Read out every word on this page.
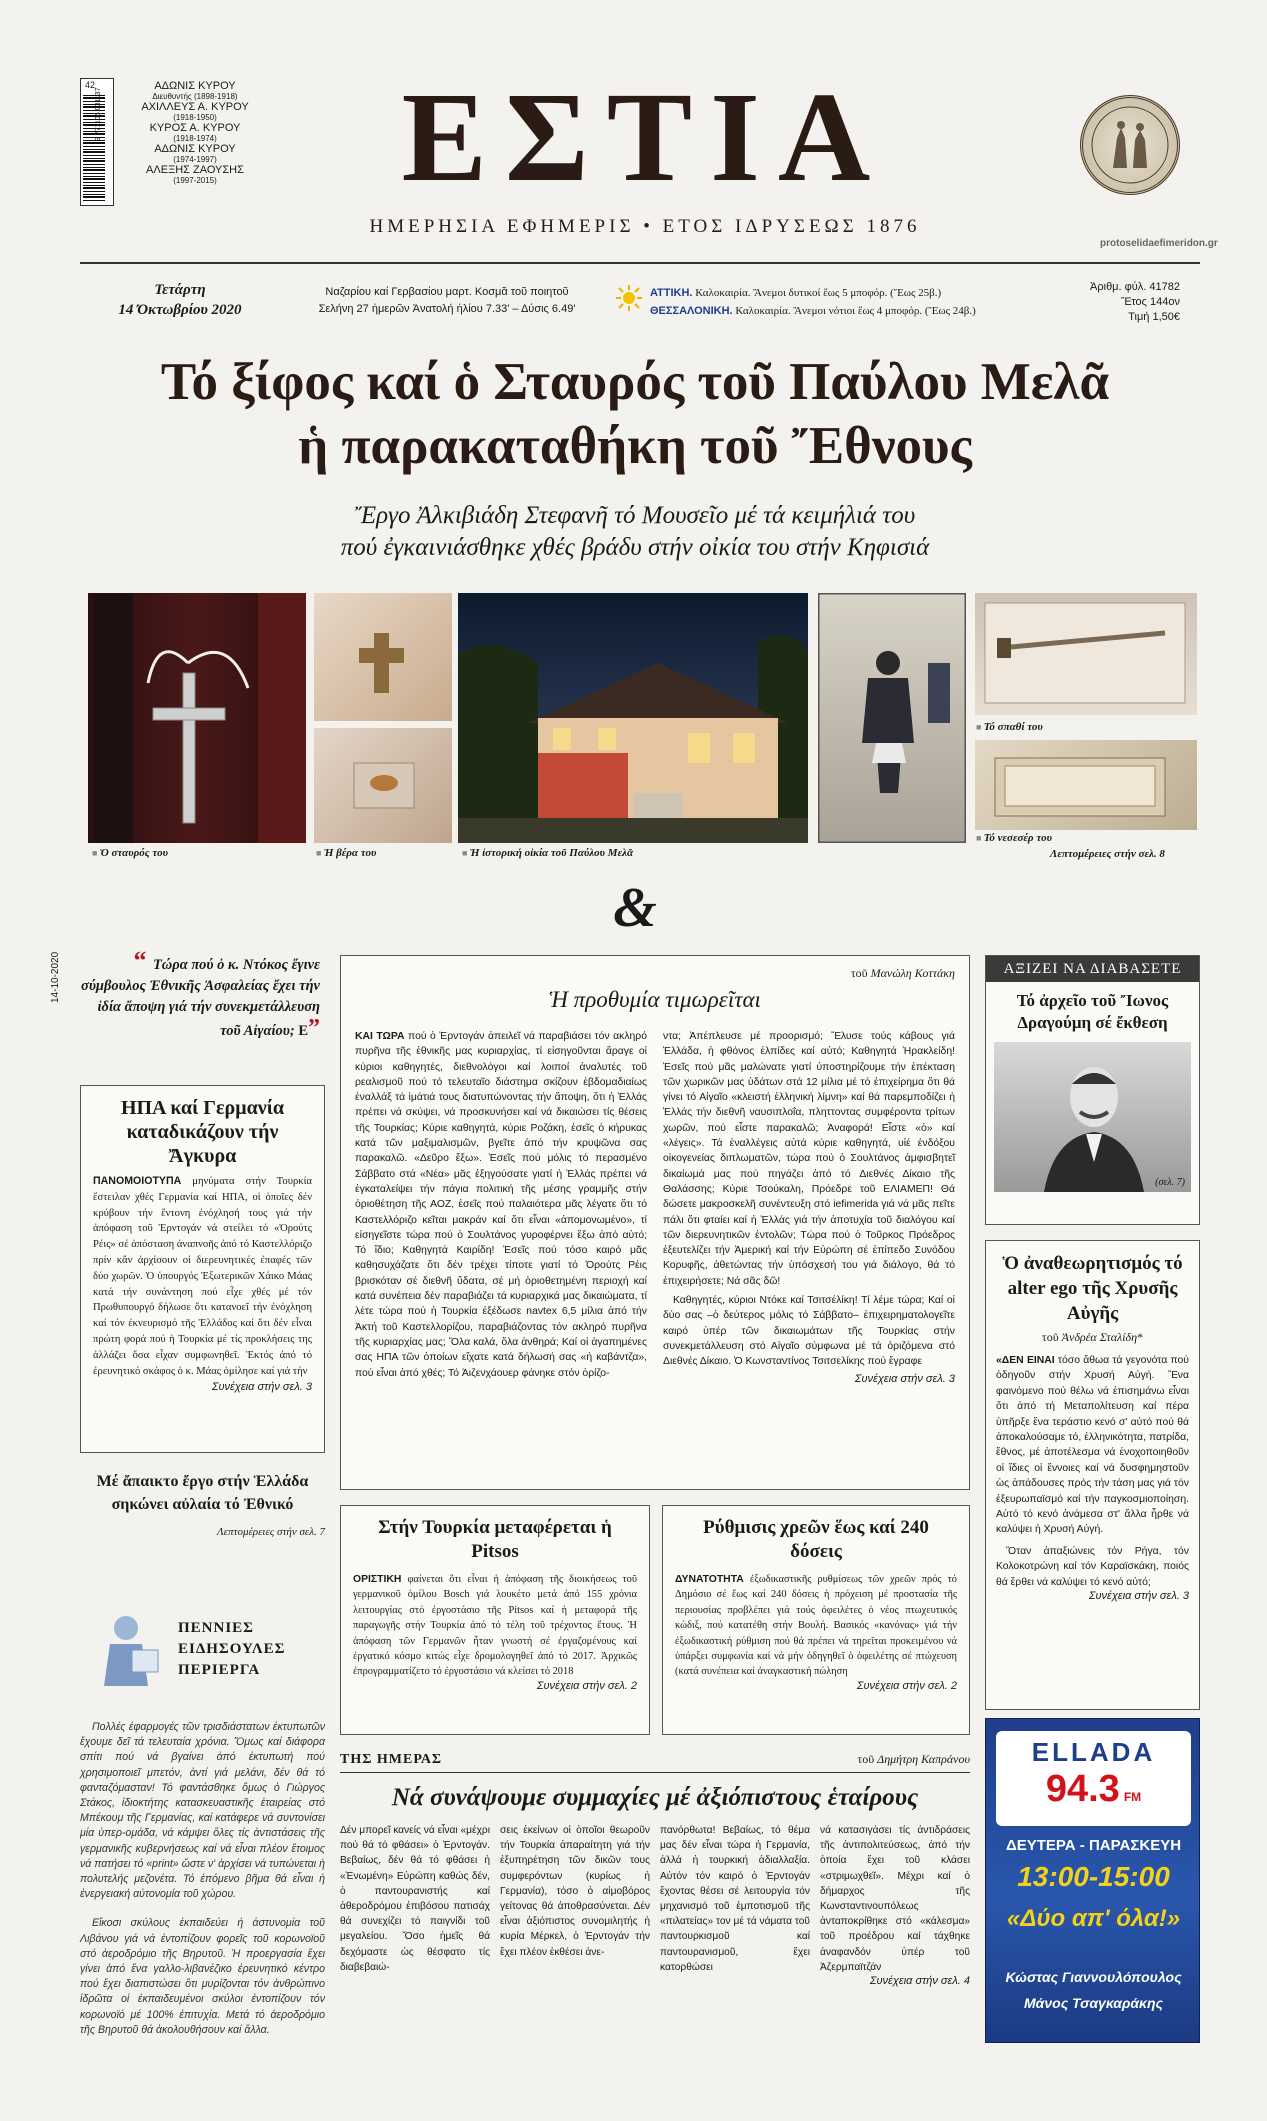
ΑΔΩΝΙΣ ΚΥΡΟΥ
Διευθυντής (1898-1918)
ΑΧΙΛΛΕΥΣ Α. ΚΥΡΟΥ
(1918-1950)
ΚΥΡΟΣ Α. ΚΥΡΟΥ
(1918-1974)
ΑΔΩΝΙΣ ΚΥΡΟΥ
(1974-1997)
ΑΛΕΞΗΣ ΖΑΟΥΣΗΣ
(1997-2015)
42
9 771106 031137	ΕΣΤΙΑ
ΗΜΕΡΗΣΙΑ ΕΦΗΜΕΡΙΣ • ΕΤΟΣ ΙΔΡΥΣΕΩΣ 1876
protoselidaefimeridon.gr
Τετάρτη
14 Όκτωβρίου 2020
Ναζαρίου καί Γερβασίου μαρτ. Κοσμᾶ τοῦ ποιητοῦ
Σελήνη 27 ἡμερῶν Ἀνατολή ἡλίου 7.33' – Δύσις 6.49'
ΑΤΤΙΚΗ. Καλοκαιρία. Ἄνεμοι δυτικοί ἕως 5 μποφόρ. (Ἕως 25β.)
ΘΕΣΣΑΛΟΝΙΚΗ. Καλοκαιρία. Ἄνεμοι νότιοι ἕως 4 μποφόρ. (Ἕως 24β.)
Ἀριθμ. φύλ. 41782
Ἔτος 144ον
Τιμή 1,50€
Τό ξίφος καί ὁ Σταυρός τοῦ Παύλου Μελᾶ
ἡ παρακαταθήκη τοῦ Ἔθνους
Ἔργο Ἀλκιβιάδη Στεφανῆ τό Μουσεῖο μέ τά κειμήλιά του
πού ἐγκαινιάσθηκε χθές βράδυ στήν οἰκία του στήν Κηφισιά
■ Ὁ σταυρός του	■ Ἡ βέρα του	■ Ἡ ἱστορική οἰκία τοῦ Παύλου Μελᾶ
■ Τό σπαθί του
■ Τό νεσεσέρ του
Λεπτομέρειες στήν σελ. 8
&
14-10-2020	“ Τώρα πού ὁ κ. Ντόκος ἔγινε σύμβουλος Ἐθνικῆς Ἀσφαλείας ἔχει τήν ἰδία ἄποψη γιά τήν συνεκμετάλλευση τοῦ Αἰγαίου; Ε”
ΗΠΑ καί Γερμανία καταδικάζουν τήν Ἄγκυρα
ΠΑΝΟΜΟΙΟΤΥΠΑ μηνύματα στήν Τουρκία ἔστειλαν χθές Γερμανία καί ΗΠΑ, οἱ ὁποῖες δέν κρύβουν τήν ἔντονη ἐνόχλησή τους γιά τήν ἀπόφαση τοῦ Ἐρντογάν νά στείλει τό «Ὀρούτς Ρέις» σέ ἀπόσταση ἀναπνοῆς ἀπό τό Καστελλόριζο πρίν κἄν ἀρχίσουν οἱ διερευνητικές ἐπαφές τῶν δύο χωρῶν. Ὁ ὑπουργός Ἐξωτερικῶν Χάικο Μάας κατά τήν συνάντηση πού εἶχε χθές μέ τόν Πρωθυπουργό δήλωσε ὅτι κατανοεῖ τήν ἐνόχληση καί τόν ἐκνευρισμό τῆς Ἑλλάδος καί ὅτι δέν εἶναι πρώτη φορά πού ἡ Τουρκία μέ τίς προκλήσεις της ἀλλάζει ὅσα εἶχαν συμφωνηθεῖ. Ἐκτός ἀπό τό ἐρευνητικό σκάφος ὁ κ. Μάας ὁμίλησε καί γιά τήν
Συνέχεια στήν σελ. 3
Μέ ἄπαικτο ἔργο στήν Ἑλλάδα σηκώνει αὐλαία τό Ἐθνικό
Λεπτομέρειες στήν σελ. 7
ΠΕΝΝΙΕΣ ΕΙΔΗΣΟΥΛΕΣ ΠΕΡΙΕΡΓΑ

Πολλές ἐφαρμογές τῶν τρισδιάστατων ἐκτυπωτῶν ἔχουμε δεῖ τά τελευταία χρόνια. Ὅμως καί διάφορα σπίτι πού νά βγαίνει ἀπό ἐκτυπωτή πού χρησιμοποιεῖ μπετόν, ἀντί γιά μελάνι, δέν θά τό φανταζόμασταν! Τό φαντάσθηκε ὅμως ὁ Γιώργος Στάκος, ἰδιοκτήτης κατασκευαστικῆς ἑταιρείας στό Μπέκουμ τῆς Γερμανίας, καί κατάφερε νά συντονίσει μία ὑπερ-ομάδα, νά κάμψει ὅλες τίς ἀντιστάσεις τῆς γερμανικῆς κυβερνήσεως καί νά εἶναι πλέον ἕτοιμος νά πατήσει τό «print» ὥστε ν' ἀρχίσει νά τυπώνεται ἡ πολυτελής μεζονέτα. Τό ἐπόμενο βῆμα θά εἶναι ἡ ἐνεργειακή αὐτονομία τοῦ χώρου.

Εἴκοσι σκύλους ἐκπαιδεύει ἡ ἀστυνομία τοῦ Λιβάνου γιά νά ἐντοπίζουν φορεῖς τοῦ κορωνοϊοῦ στό ἀεροδρόμιο τῆς Βηρυτοῦ. Ἡ προεργασία ἔχει γίνει ἀπό ἕνα γαλλο-λιβανέζικο ἐρευνητικό κέντρο πού ἔχει διαπιστώσει ὅτι μυρίζονται τόν ἀνθρώπινο ἱδρῶτα οἱ ἐκπαιδευμένοι σκύλοι ἐντοπίζουν τόν κορωνοϊό μέ 100% ἐπιτυχία. Μετά τό ἀεροδρόμιο τῆς Βηρυτοῦ θά ἀκολουθήσουν καί ἄλλα.

τοῦ Μανώλη Κοττάκη
Ἡ προθυμία τιμωρεῖται
ΚΑΙ ΤΩΡΑ πού ὁ Ἐρντογάν ἀπειλεῖ νά παραβιάσει τόν ακληρό πυρῆνα τῆς ἐθνικῆς μας κυριαρχίας, τί εἰσηγοῦνται ἄραγε οἱ κύριοι καθηγητές, διεθνολόγοι καί λοιποί ἀναλυτές τοῦ ρεαλισμοῦ πού τό τελευταῖο διάστημα σκίζουν ἐβδομαδιαίως ἐναλλάξ τά ἱμάτιά τους διατυπώνοντας τήν ἄποψη, ὅτι ἡ Ἑλλάς πρέπει νά σκύψει, νά προσκυνήσει καί νά δικαιώσει τίς θέσεις τῆς Τουρκίας; Κύριε καθηγητά, κύριε Ροζάκη, ἐσεῖς ὁ κήρυκας κατά τῶν μαξιμαλισμῶν, βγεῖτε ἀπό τήν κρυψῶνα σας παρακαλῶ. «Δεῦρο ἔξω». Ἐσεῖς πού μόλις τό περασμένο Σάββατο στά «Νέα» μᾶς ἐξηγούσατε γιατί ἡ Ἑλλάς πρέπει νά ἐγκαταλείψει τήν πάγια πολιτική τῆς μέσης γραμμῆς στήν ὁριοθέτηση τῆς ΑΟΖ, ἐσεῖς πού παλαιότερα μᾶς λέγατε ὅτι τό Καστελλόριζο κεῖται μακράν καί ὅτι εἶναι «ἀπομονωμένο», τί εἰσηγεῖστε τώρα πού ὁ Σουλτάνος γυροφέρνει ἔξω ἀπό αὐτό; Τό ἴδιο; Καθηγητά Καιρίδη! Ἐσεῖς πού τόσο καιρό μᾶς καθησυχάζατε ὅτι δέν τρέχει τίποτε γιατί τό Ὀρούτς Ρέις βρισκόταν σέ διεθνῆ ὕδατα, σέ μή ὁριοθετημένη περιοχή καί κατά συνέπεια δέν παραβιάζει τά κυριαρχικά μας δικαιώματα, τί λέτε τώρα πού ἡ Τουρκία ἐξέδωσε navtex 6,5 μίλια ἀπό τήν Ἀκτή τοῦ Καστελλορίζου, παραβιάζοντας τόν ακληρό πυρῆνα τῆς κυριαρχίας μας; Ὅλα καλά, ὅλα ἀνθηρά; Καί οἱ ἀγαπημένες σας ΗΠΑ τῶν ὁποίων εἴχατε κατά δήλωσή σας «ἡ καβάντζα», πού εἶναι ἀπό χθές; Τό Ἀιζενχάουερ φάνηκε στόν ὁρίζο-

ντα; Ἀπέπλευσε μέ προορισμό; Ἔλυσε τούς κάβους γιά Ἑλλάδα, ἡ φθόνος ἐλπίδες καί αὐτό; Καθηγητά Ἡρακλείδη! Ἐσεῖς πού μᾶς μαλώνατε γιατί ὑποστηρίζουμε τήν ἐπέκταση τῶν χωρικῶν μας ὑδάτων στά 12 μίλια μέ τό ἐπιχείρημα ὅτι θά γίνει τό Αἰγαῖο «κλειστή ἑλληνική λίμνη» καί θά παρεμποδίζει ἡ Ἑλλάς τήν διεθνῆ ναυσιπλοΐα, πληττοντας συμφέροντα τρίτων χωρῶν, πού εἶστε παρακαλῶ; Ἀναφορά! Εἶστε «ὁ» καί «λέγεις». Τά ἐναλλέγεις αὐτά κύριε καθηγητά, υἱέ ἐνδόξου οἰκογενείας διπλωματῶν, τώρα πού ὁ Σουλτάνος ἀμφισβητεῖ δικαίωμά μας πού πηγάζει ἀπό τό Διεθνές Δίκαιο τῆς Θαλάσσης; Κύριε Τσούκαλη, Πρόεδρε τοῦ ΕΛΙΑΜΕΠ! Θά δώσετε μακροσκελῆ συνέντευξη στό iefimerida γιά νά μᾶς πεῖτε πάλι ὅτι φταίει καί ἡ Ἑλλάς γιά τήν ἀποτυχία τοῦ διαλόγου καί τῶν διερευνητικῶν ἐντολῶν; Τώρα πού ὁ Τοῦρκος Πρόεδρος ἐξευτελίζει τήν Ἀμερική καί τήν Εὐρώπη σέ ἐπίπεδο Συνόδου Κορυφῆς, ἀθετώντας τήν ὑπόσχεσή του γιά διάλογο, θά τό ἐπιχειρήσετε; Νά σᾶς δῶ!

Καθηγητές, κύριοι Ντόκε καί Τσιτσέλίκη! Τί λέμε τώρα; Καί οἱ δύο σας –ὁ δεύτερος μόλις τό Σάββατο– ἐπιχειρηματολογεῖτε καιρό ὑπέρ τῶν δικαιωμάτων τῆς Τουρκίας στήν συνεκμετάλλευση στό Αἰγαῖο σύμφωνα μέ τά ὁριζόμενα στό Διεθνές Δίκαιο. Ὁ Κωνσταντίνος Τσιτσελίκης πού ἔγραφε

Συνέχεια στήν σελ. 3
Στήν Τουρκία μεταφέρεται ἡ Pitsos
ΟΡΙΣΤΙΚΗ φαίνεται ὅτι εἶναι ἡ ἀπόφαση τῆς διοικήσεως τοῦ γερμανικοῦ ὁμίλου Bosch γιά λουκέτο μετά ἀπό 155 χρόνια λειτουργίας στό ἐργοστάσιο τῆς Pitsos καί ἡ μεταφορά τῆς παραγωγῆς στήν Τουρκία ἀπό τό τέλη τοῦ τρέχοντος ἔτους. Ἡ ἀπόφαση τῶν Γερμανῶν ἦταν γνωστή σέ ἐργαζομένους καί ἐργατικό κόσμο κιτώς εἶχε δρομολογηθεῖ ἀπό τό 2017. Ἀρχικῶς ἐπρογραμματίζετο τό ἐργοστάσιο νά κλείσει τό 2018
Συνέχεια στήν σελ. 2
Ρύθμισις χρεῶν ἕως καί 240 δόσεις
ΔΥΝΑΤΟΤΗΤΑ ἐξωδικαστικῆς ρυθμίσεως τῶν χρεῶν πρός τό Δημόσιο σέ ἕως καί 240 δόσεις ἡ πρόχειση μέ προστασία τῆς περιουσίας προβλέπει γιά τούς ὀφειλέτες ὁ νέος πτωχευτικός κώδιξ, πού κατατέθη στήν Βουλή. Βασικός «κανόνας» γιά τήν ἐξωδικαστική ρύθμιση πού θά πρέπει νά τηρεῖται προκειμένου νά ὑπάρξει συμφωνία καί νά μήν ὁδηγηθεῖ ὁ ὀφειλέτης σέ πτώχευση (κατά συνέπεια καί ἀναγκαστική πώληση
Συνέχεια στήν σελ. 2
ΤΗΣ ΗΜΕΡΑΣ	τοῦ Δημήτρη Καπράνου
Νά συνάψουμε συμμαχίες μέ ἀξιόπιστους ἑταίρους
Δέν μπορεῖ κανείς νά εἶναι «μέχρι πού θά τό φθάσει» ὁ Ἐρντογάν. Βεβαίως, δέν θά τό φθάσει ἡ «Ἑνωμένη» Εὐρώπη καθώς δέν, ὁ παντουρανιστής καί ἀθεροδρόμου ἐπιβόσου πατισάχ θά συνεχίζει τό παιγνίδι τοῦ μεγαλείου. Ὅσο ἡμεῖς θά δεχόμαστε ὡς θέσφατο τίς διαβεβαιώ-
σεις ἐκείνων οἱ ὁποῖοι θεωροῦν τήν Τουρκία ἀπαραίτητη γιά τήν ἐξυπηρέτηση τῶν δικῶν τους συμφερόντων (κυρίως ἡ Γερμανία), τόσο ὁ αἱμοβόρος γείτονας θά ἀποθρασύνεται. Δέν εἶναι ἀξιόπιστος συνομιλητής ἡ κυρία Μέρκελ, ὁ Ἐρντογάν τήν ἔχει πλέον ἐκθέσει ἀνε-
πανόρθωτα! Βεβαίως, τό θέμα μας δέν εἶναι τώρα ἡ Γερμανία, ἀλλά ἡ τουρκική ἀδιαλλαξία. Αὐτόν τόν καιρό ὁ Ἐρντογάν ἔχοντας θέσει σέ λειτουργία τόν μηχανισμό τοῦ ἐμποτισμοῦ τῆς «πιλατείας» τον μέ τά νάματα τοῦ παντουρκισμοῦ καί παντουρανισμοῦ, ἔχει κατορθώσει
νά κατασιγάσει τίς ἀντιδράσεις τῆς ἀντιπολιτεύσεως, ἀπό τήν ὁποία ἔχει τοῦ κλάσει «στριμωχθεῖ». Μέχρι καί ὁ δήμαρχος τῆς Κωνσταντινουπόλεως ἀνταποκρίθηκε στό «κάλεσμα» τοῦ προέδρου καί τάχθηκε ἀναφανδόν ὑπέρ τοῦ Ἀζερμπαϊτζάν
Συνέχεια στήν σελ. 4
ΑΞΙΖΕΙ ΝΑ ΔΙΑΒΑΣΕΤΕ
Τό ἀρχεῖο τοῦ Ἴωνος Δραγούμη σέ ἔκθεση
(σελ. 7)
Ὁ ἀναθεωρητισμός τό alter ego τῆς Χρυσῆς Αὐγῆς
τοῦ Ἀνδρέα Σταλίδη*
«ΔΕΝ ΕΙΝΑΙ τόσο ἄθωα τά γεγονότα πού ὁδηγοῦν στήν Χρυσή Αὐγή. Ἕνα φαινόμενο πού θέλω νά ἐπισημάνω εἶναι ὅτι ἀπό τή Μεταπολίτευση καί πέρα ὑπῆρξε ἕνα τεράστιο κενό σ' αὐτό πού θά ἀποκαλούσαμε τό, ἑλληνικότητα, πατρίδα, ἔθνος, μέ ἀποτέλεσμα νά ἐνοχοποιηθοῦν οἱ ἴδιες οἱ ἔννοιες καί νά δυσφημηστοῦν ὡς ἀπάδουσες πρός τήν τάση μας γιά τόν ἐξευρωπαϊσμό καί τήν παγκοσμιοποίηση. Αὐτό τό κενό ἀνάμεσα στ' ἄλλα ἦρθε νά καλύψει ἡ Χρυσή Αὐγή.
Ὅταν ἀπαξιώνεις τόν Ρήγα, τόν Κολοκοτρώνη καί τόν Καραϊσκάκη, ποιός θά ἔρθει νά καλύψει τό κενό αὐτό;
Συνέχεια στήν σελ. 3
ELLADA
94.3 FM
ΔΕΥΤΕΡΑ - ΠΑΡΑΣΚΕΥΗ
13:00-15:00
«Δύο απ' όλα!»
Κώστας Γιαννουλόπουλος
Μάνος Τσαγκαράκης
